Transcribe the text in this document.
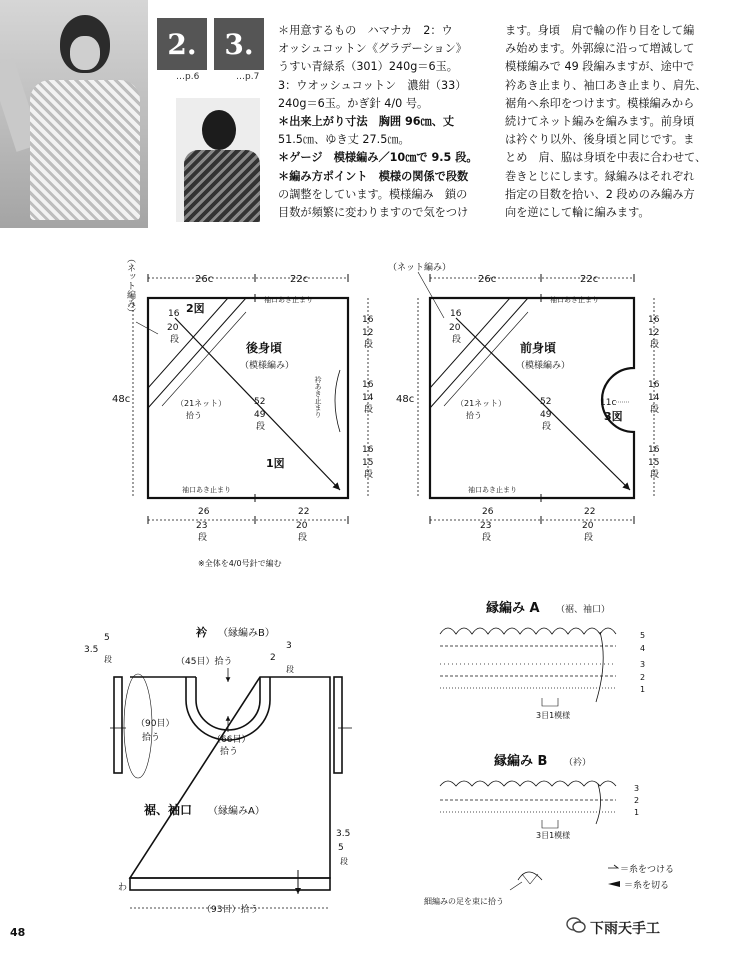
2. 3.
…p.6	…p.7

＊用意するもの　ハマナカ　2：ウ

オッシュコットン《グラデーション》

うすい青緑系（301）240g＝6玉。

3：ウオッシュコットン　濃紺（33）

240g＝6玉。かぎ針 4/0 号。

＊出来上がり寸法　胸囲 96㎝、丈

51.5㎝、ゆき丈 27.5㎝。

＊ゲージ　模様編み／10㎝で 9.5 段。

＊編み方ポイント　模様の関係で段数

の調整をしています。模様編み　鎖の

目数が頻繁に変わりますので気をつけ

ます。身頃　肩で輪の作り目をして編

み始めます。外郭線に沿って増減して

模様編みで 49 段編みますが、途中で

衿あき止まり、袖口あき止まり、肩先、

裾角へ糸印をつけます。模様編みから

続けてネット編みを編みます。前身頃

は衿ぐり以外、後身頃と同じです。ま

とめ　肩、脇は身頃を中表に合わせて、

巻きとじにします。縁編みはそれぞれ

指定の目数を拾い、2 段めのみ編み方

向を逆にして輪に編みます。

26c	22c
2図
16
20
段
後身頃
（模様編み）
（21ネット）
拾う
52
49
段
1図
袖口あき止まり
袖口あき止まり
衿あき止まり
48c
（ネット編み）
16
12
段
16
14
段
16
15
段
26
23
段
22
20
段
※全体を4/0号針で編む
26c	22c
（ネット編み）
16
20
段
前身頃
（模様編み）
（21ネット）
拾う
52
49
段
11c
3図
袖口あき止まり
袖口あき止まり
48c
16
12
段
16
14
段
16
15
段
26
23
段
22
20
段
衿 （縁編みB）
3.5
5
段	（45目）拾う	2
3
段
わ
（90目）
拾う	（66目）
拾う
裾、袖口 （縁編みA）
3.5
5
段
（93目）拾う
縁編み A （裾、袖口）
5
4
3
2
1
3目1模様
縁編み B （衿）
3
2
1
3目1模様
＝糸をつける
＝糸を切る
細編みの足を束に拾う
48	下雨天手工
